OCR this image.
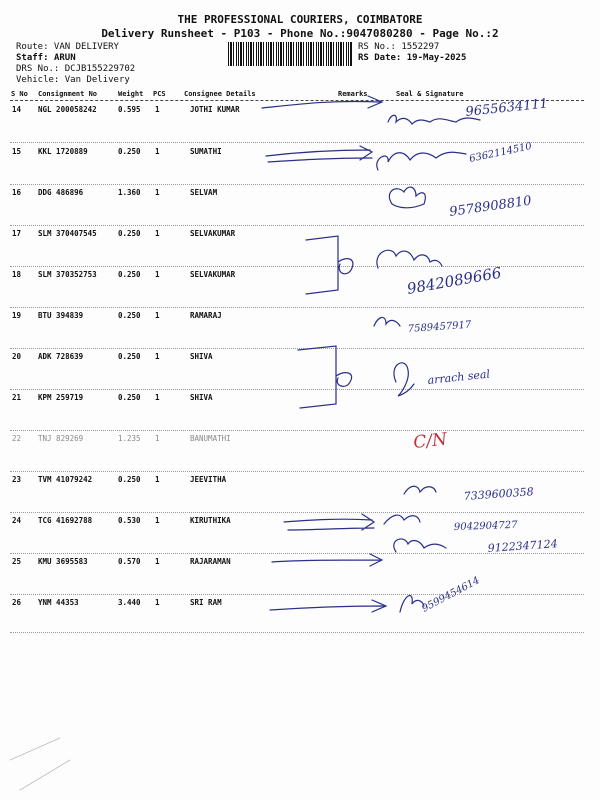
THE PROFESSIONAL COURIERS, COIMBATORE
Delivery Runsheet - P103 - Phone No.:9047080280 - Page No.:2
Route: VAN DELIVERY
Staff: ARUN
DRS No.: DCJB155229702
Vehicle: Van Delivery
RS No.: 1552297
RS Date: 19-May-2025
S No Consignment No	Weight PCS	Consignee Details	Remarks	Seal & Signature
14 NGL 200058242	0.595 1	JOTHI KUMAR
15 KKL 1720889	0.250 1	SUMATHI
16 DDG 486896	1.360 1	SELVAM
17 SLM 370407545	0.250 1	SELVAKUMAR
18 SLM 370352753	0.250 1	SELVAKUMAR
19 BTU 394839	0.250 1	RAMARAJ
20 ADK 728639	0.250 1	SHIVA
21 KPM 259719	0.250 1	SHIVA
22 TNJ 829269	1.235 1	BANUMATHI
23 TVM 41079242	0.250 1	JEEVITHA
24 TCG 41692788	0.530 1	KIRUTHIKA
25 KMU 3695583	0.570 1	RAJARAMAN
26 YNM 44353	3.440 1	SRI RAM
9655634111
6362114510
9578908810
9842089666
7589457917
arrach seal
7339600358
9042904727
9122347124
9599454614
C/N
